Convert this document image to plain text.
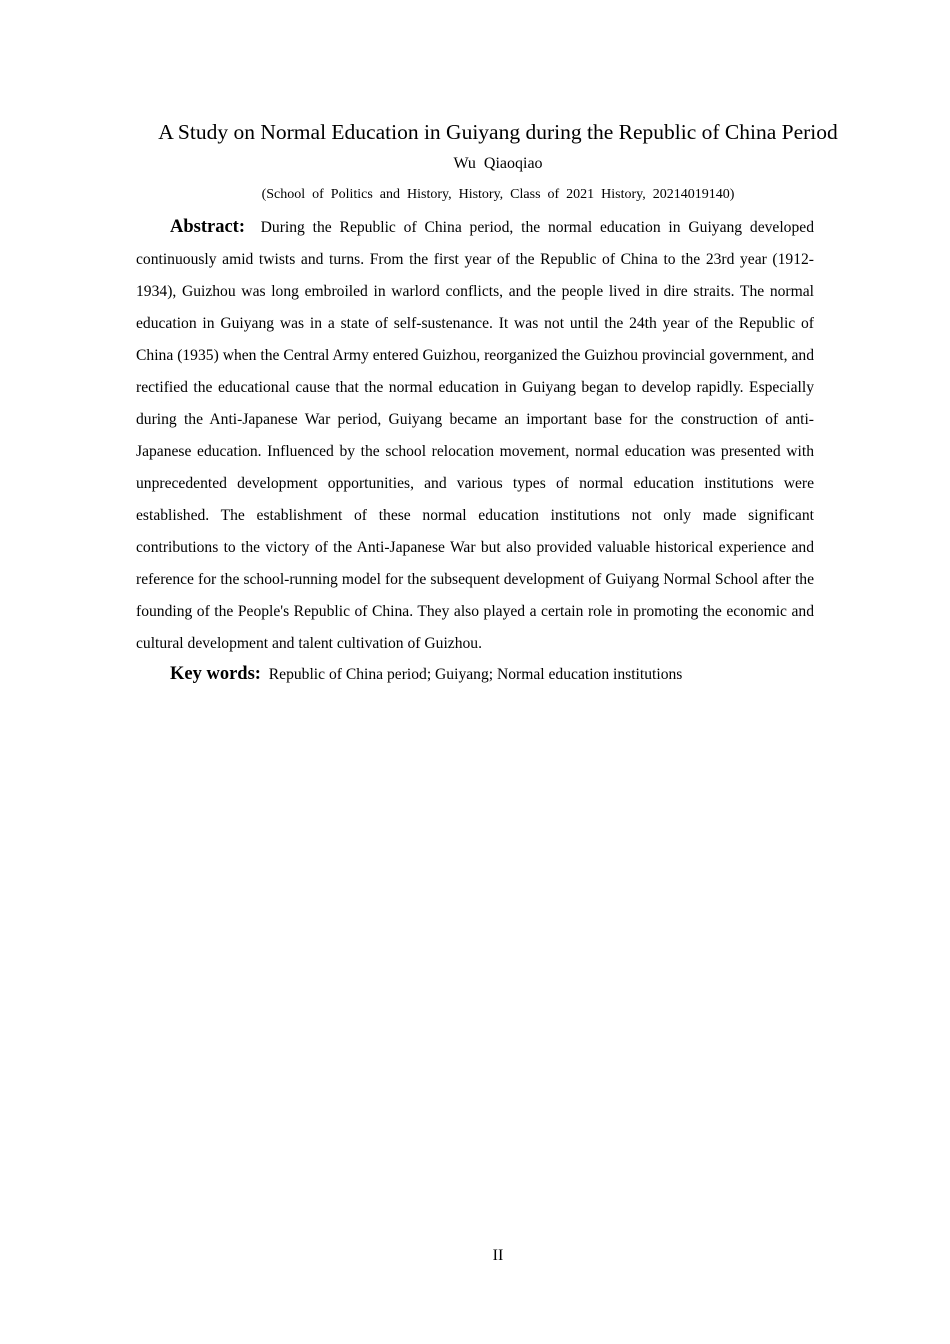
A Study on Normal Education in Guiyang during the Republic of China Period
Wu Qiaoqiao
(School of Politics and History, History, Class of 2021 History, 20214019140)

Abstract: During the Republic of China period, the normal education in Guiyang developed continuously amid twists and turns. From the first year of the Republic of China to the 23rd year (1912-1934), Guizhou was long embroiled in warlord conflicts, and the people lived in dire straits. The normal education in Guiyang was in a state of self-sustenance. It was not until the 24th year of the Republic of China (1935) when the Central Army entered Guizhou, reorganized the Guizhou provincial government, and rectified the educational cause that the normal education in Guiyang began to develop rapidly. Especially during the Anti-Japanese War period, Guiyang became an important base for the construction of anti-Japanese education. Influenced by the school relocation movement, normal education was presented with unprecedented development opportunities, and various types of normal education institutions were established. The establishment of these normal education institutions not only made significant contributions to the victory of the Anti-Japanese War but also provided valuable historical experience and reference for the school-running model for the subsequent development of Guiyang Normal School after the founding of the People's Republic of China. They also played a certain role in promoting the economic and cultural development and talent cultivation of Guizhou.

Key words: Republic of China period; Guiyang; Normal education institutions

II
